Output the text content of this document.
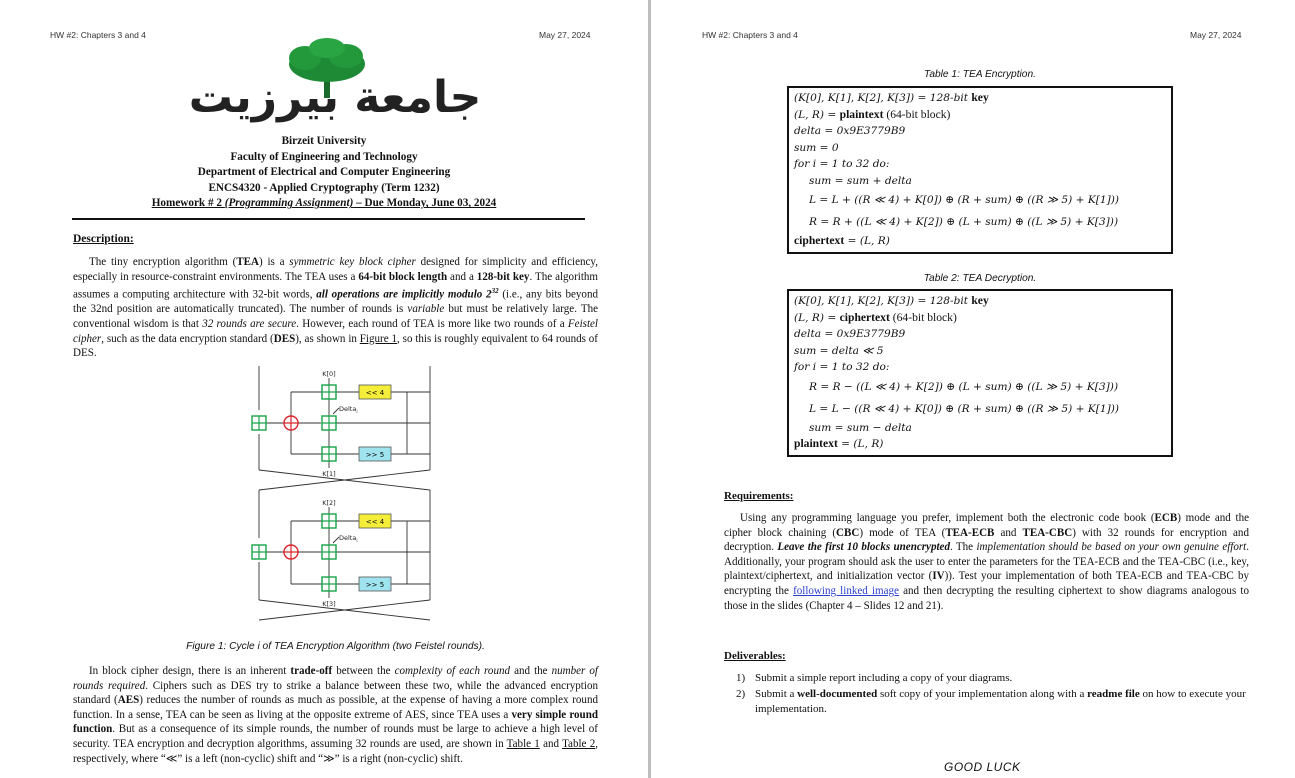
HW #2: Chapters 3 and 4	May 27, 2024
جامعة بيرزيت
Birzeit University
Faculty of Engineering and Technology
Department of Electrical and Computer Engineering
ENCS4320 - Applied Cryptography (Term 1232)
Homework # 2 (Programming Assignment) – Due Monday, June 03, 2024
Description:
The tiny encryption algorithm (TEA) is a symmetric key block cipher designed for simplicity and efficiency, especially in resource-constraint environments. The TEA uses a 64-bit block length and a 128-bit key. The algorithm assumes a computing architecture with 32-bit words, all operations are implicitly modulo $2^{32}$ (i.e., any bits beyond the 32nd position are automatically truncated). The number of rounds is variable but must be relatively large. The conventional wisdom is that 32 rounds are secure. However, each round of TEA is more like two rounds of a Feistel cipher, such as the data encryption standard (DES), as shown in Figure 1, so this is roughly equivalent to 64 rounds of DES.
<< 4
>> 5
<< 4
>> 5
K[0]
K[1]
K[2]
K[3]
Delta$_i$
Delta$_i$
Figure 1: Cycle i of TEA Encryption Algorithm (two Feistel rounds).
In block cipher design, there is an inherent trade-off between the complexity of each round and the number of rounds required. Ciphers such as DES try to strike a balance between these two, while the advanced encryption standard (AES) reduces the number of rounds as much as possible, at the expense of having a more complex round function. In a sense, TEA can be seen as living at the opposite extreme of AES, since TEA uses a very simple round function. But as a consequence of its simple rounds, the number of rounds must be large to achieve a high level of security. TEA encryption and decryption algorithms, assuming 32 rounds are used, are shown in Table 1 and Table 2, respectively, where “≪” is a left (non-cyclic) shift and “≫” is a right (non-cyclic) shift.
HW #2: Chapters 3 and 4	May 27, 2024
Table 1: TEA Encryption.
(K[0], K[1], K[2], K[3]) = 128-bit key
(L, R) = plaintext (64-bit block)
delta = 0x9E3779B9
sum = 0
for i = 1 to 32 do:
sum = sum + delta
L = L + ((R ≪ 4) + K[0]) ⊕ (R + sum) ⊕ ((R ≫ 5) + K[1]))
R = R + ((L ≪ 4) + K[2]) ⊕ (L + sum) ⊕ ((L ≫ 5) + K[3]))
ciphertext = (L, R)
Table 2: TEA Decryption.
(K[0], K[1], K[2], K[3]) = 128-bit key
(L, R) = ciphertext (64-bit block)
delta = 0x9E3779B9
sum = delta ≪ 5
for i = 1 to 32 do:
R = R − ((L ≪ 4) + K[2]) ⊕ (L + sum) ⊕ ((L ≫ 5) + K[3]))
L = L − ((R ≪ 4) + K[0]) ⊕ (R + sum) ⊕ ((R ≫ 5) + K[1]))
sum = sum − delta
plaintext = (L, R)
Requirements:
Using any programming language you prefer, implement both the electronic code book (ECB) mode and the cipher block chaining (CBC) mode of TEA (TEA-ECB and TEA-CBC) with 32 rounds for encryption and decryption. Leave the first 10 blocks unencrypted. The implementation should be based on your own genuine effort. Additionally, your program should ask the user to enter the parameters for the TEA-ECB and the TEA-CBC (i.e., key, plaintext/ciphertext, and initialization vector (IV)). Test your implementation of both TEA-ECB and TEA-CBC by encrypting the following linked image and then decrypting the resulting ciphertext to show diagrams analogous to those in the slides (Chapter 4 – Slides 12 and 21).
Deliverables:
1) Submit a simple report including a copy of your diagrams.
2) Submit a well-documented soft copy of your implementation along with a readme file on how to execute your implementation.
GOOD LUCK
